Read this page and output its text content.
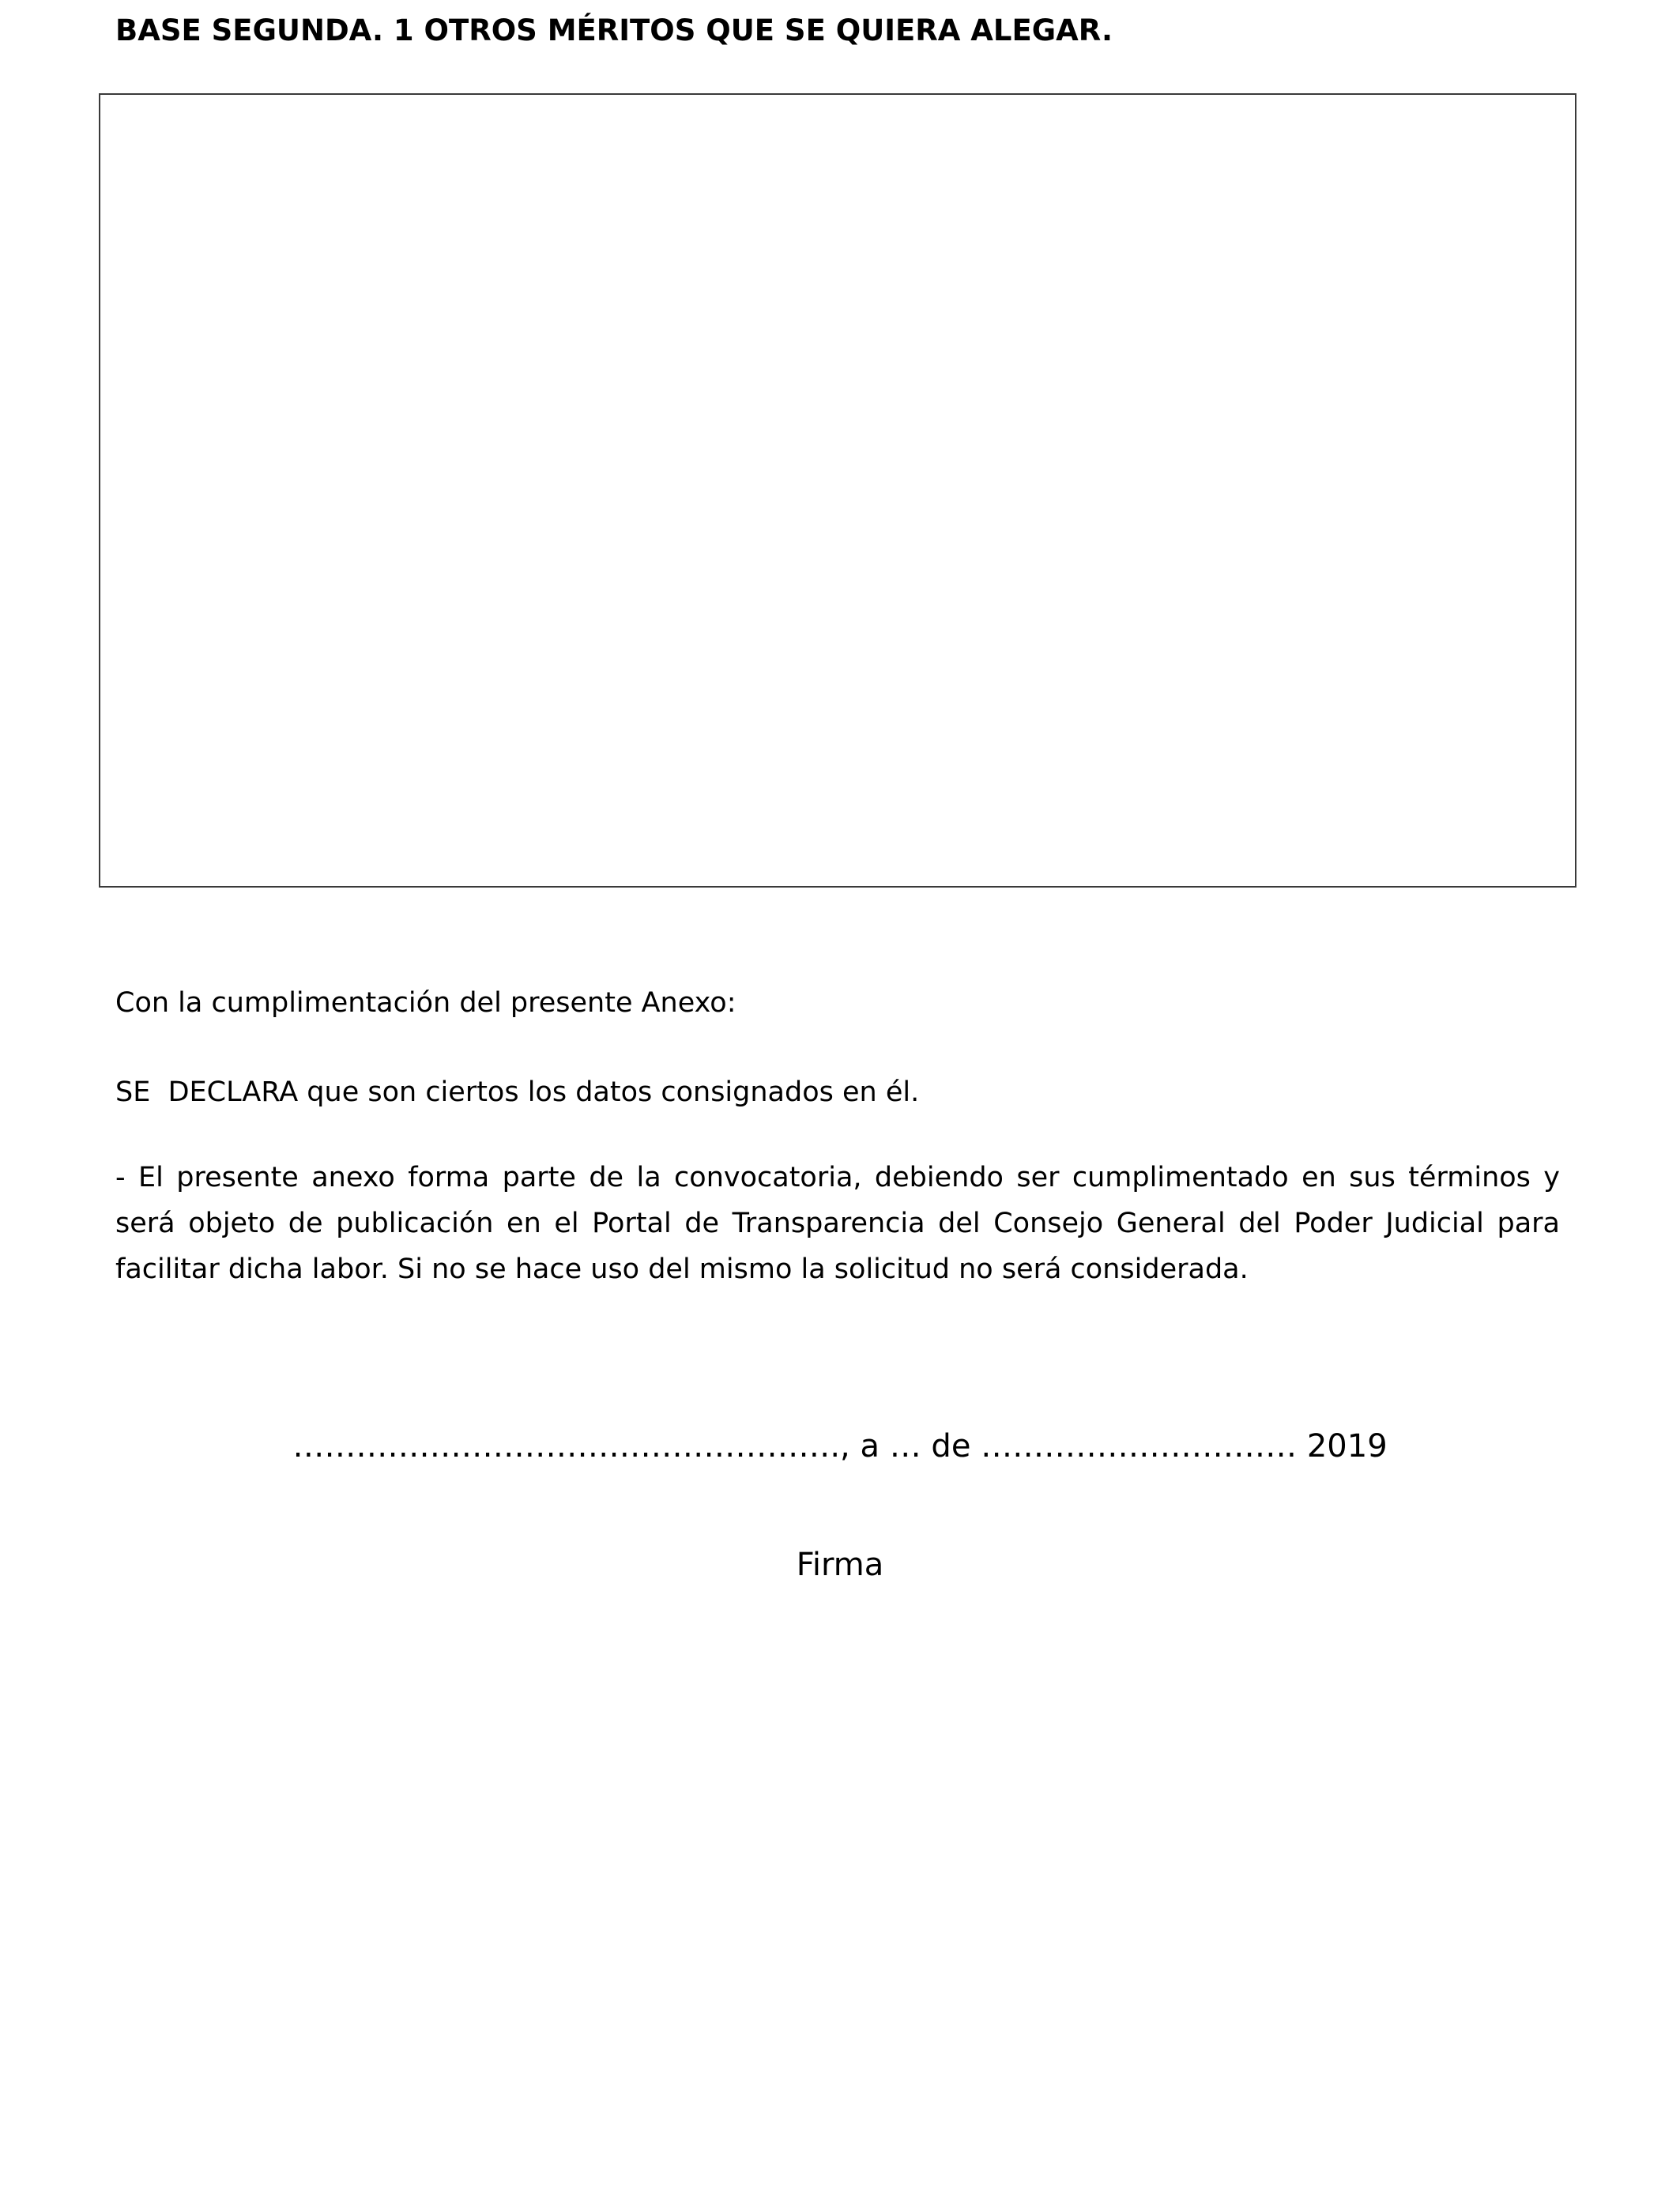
BASE SEGUNDA. 1 OTROS MÉRITOS QUE SE QUIERA ALEGAR.

Con la cumplimentación del presente Anexo:

SE  DECLARA que son ciertos los datos consignados en él.

- El presente anexo forma parte de la convocatoria, debiendo ser cumplimentado en sus términos y será objeto de publicación en el Portal de Transparencia del Consejo General del Poder Judicial para facilitar dicha labor. Si no se hace uso del mismo la solicitud no será considerada.

……………………………………………., a … de ………………………… 2019

Firma
